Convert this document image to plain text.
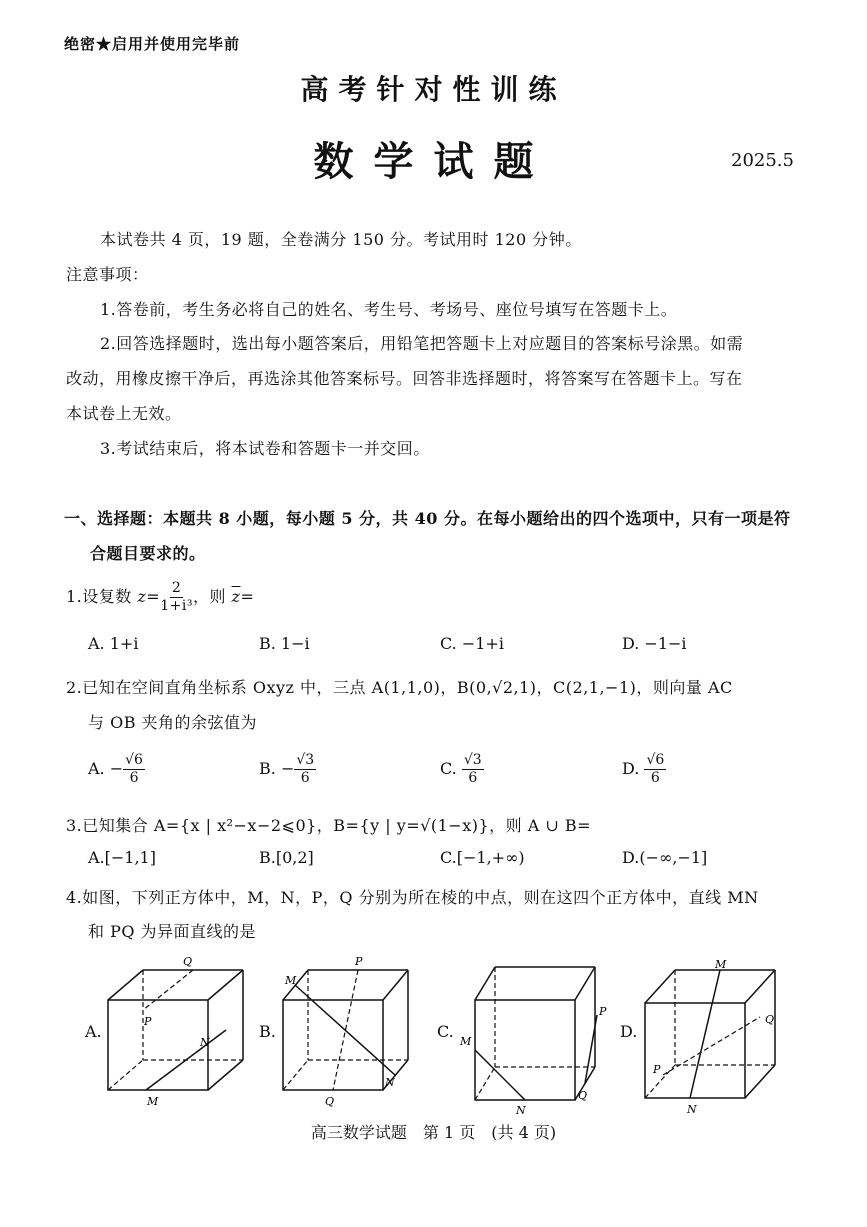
绝密★启用并使用完毕前
高考针对性训练
数学试题	2025.5
本试卷共 4 页，19 题，全卷满分 150 分。考试用时 120 分钟。
注意事项：
1.答卷前，考生务必将自己的姓名、考生号、考场号、座位号填写在答题卡上。
2.回答选择题时，选出每小题答案后，用铅笔把答题卡上对应题目的答案标号涂黑。如需
改动，用橡皮擦干净后，再选涂其他答案标号。回答非选择题时，将答案写在答题卡上。写在
本试卷上无效。
3.考试结束后，将本试卷和答题卡一并交回。
一、选择题：本题共 8 小题，每小题 5 分，共 40 分。在每小题给出的四个选项中，只有一项是符
合题目要求的。
1.设复数 $z= \frac{2}{\text{1+i³}}$ ，则 $\overline{z}=$
A. 1+i	B. 1−i	C. −1+i	D. −1−i
2.已知在空间直角坐标系 Oxyz 中，三点 A(1,1,0)，B(0,√2,1)，C(2,1,−1)，则向量 AC
与 OB 夹角的余弦值为
A. − $\frac{√6}{6}$	B. − $\frac{√3}{6}$	C. $\frac{√3}{6}$	D. $\frac{√6}{6}$
3.已知集合 A={x | x²−x−2⩽0}，B={y | y=√(1−x)}，则 A ∪ B=
A.[−1,1]	B.[0,2]	C.[−1,+∞)	D.(−∞,−1]
4.如图，下列正方体中，M，N，P，Q 分别为所在棱的中点，则在这四个正方体中，直线 MN
和 PQ 为异面直线的是
A.	B.	C.	D.
Q
P
N
M
P
M
N
Q
M
N
P
Q
M
Q
P
N
高三数学试题　第 1 页　(共 4 页)
